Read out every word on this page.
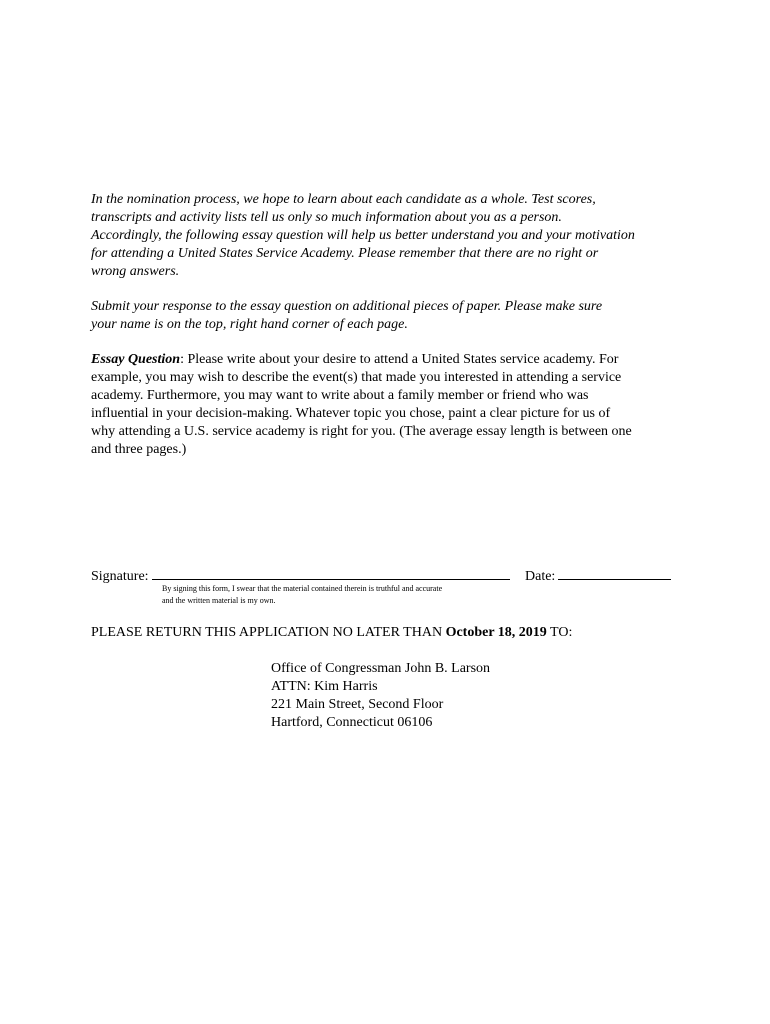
In the nomination process, we hope to learn about each candidate as a whole. Test scores,
transcripts and activity lists tell us only so much information about you as a person.
Accordingly, the following essay question will help us better understand you and your motivation
for attending a United States Service Academy. Please remember that there are no right or
wrong answers.
Submit your response to the essay question on additional pieces of paper. Please make sure
your name is on the top, right hand corner of each page.
Essay Question: Please write about your desire to attend a United States service academy. For
example, you may wish to describe the event(s) that made you interested in attending a service
academy. Furthermore, you may want to write about a family member or friend who was
influential in your decision-making. Whatever topic you chose, paint a clear picture for us of
why attending a U.S. service academy is right for you. (The average essay length is between one
and three pages.)
Signature:	Date:
By signing this form, I swear that the material contained therein is truthful and accurate
and the written material is my own.
PLEASE RETURN THIS APPLICATION NO LATER THAN October 18, 2019 TO:
Office of Congressman John B. Larson
ATTN: Kim Harris
221 Main Street, Second Floor
Hartford, Connecticut 06106
